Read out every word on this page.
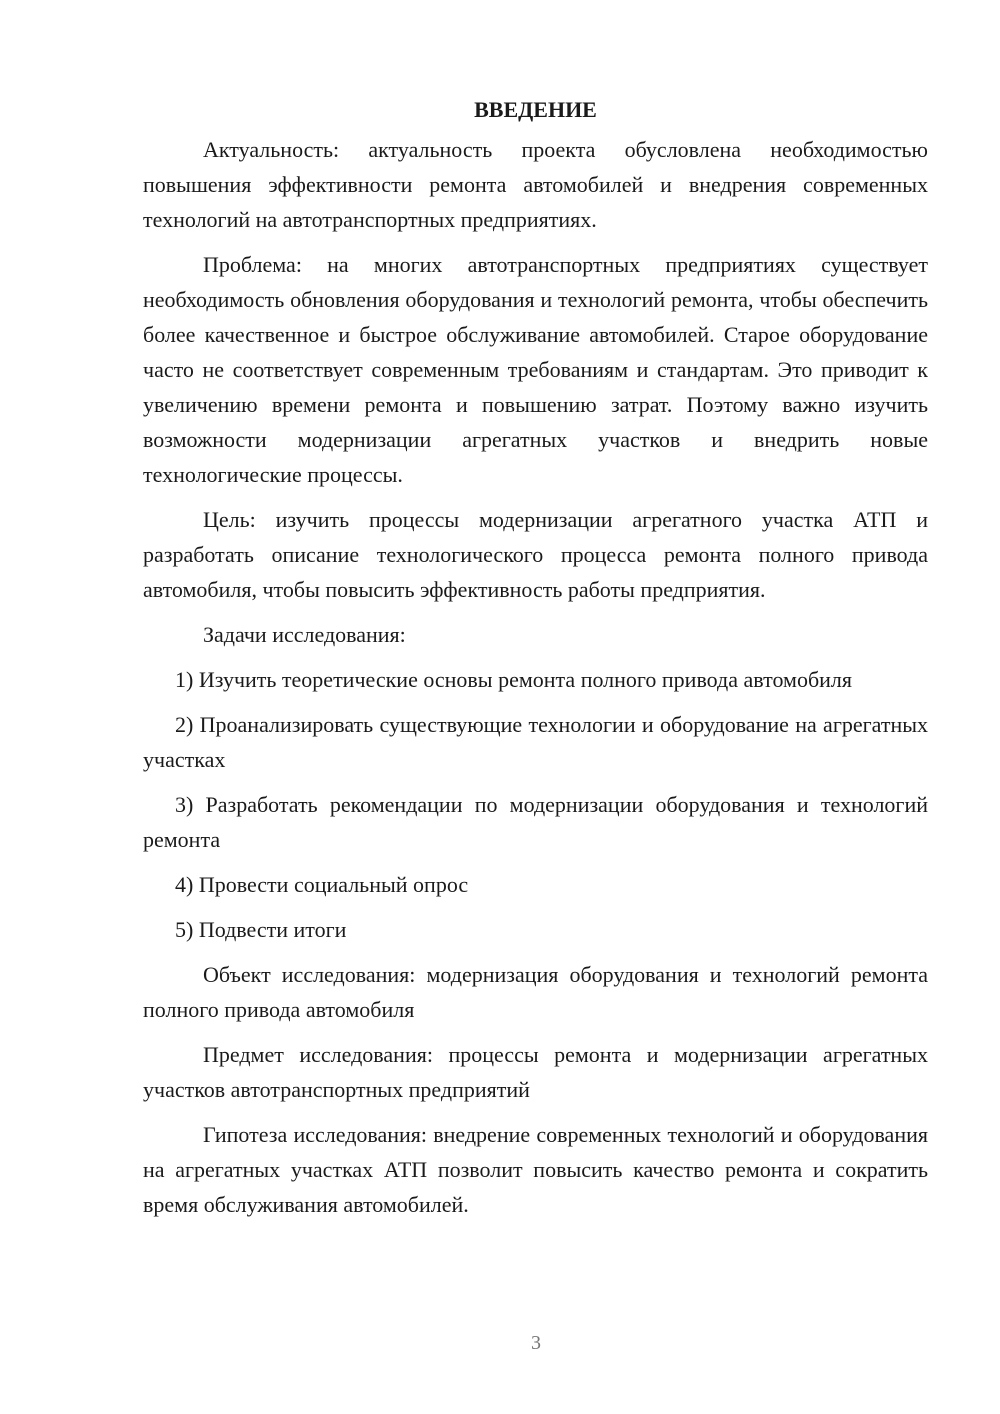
ВВЕДЕНИЕ

Актуальность: актуальность проекта обусловлена необходимостью повышения эффективности ремонта автомобилей и внедрения современных технологий на автотранспортных предприятиях.

Проблема: на многих автотранспортных предприятиях существует необходимость обновления оборудования и технологий ремонта, чтобы обеспечить более качественное и быстрое обслуживание автомобилей. Старое оборудование часто не соответствует современным требованиям и стандартам. Это приводит к увеличению времени ремонта и повышению затрат. Поэтому важно изучить возможности модернизации агрегатных участков и внедрить новые технологические процессы.

Цель: изучить процессы модернизации агрегатного участка АТП и разработать описание технологического процесса ремонта полного привода автомобиля, чтобы повысить эффективность работы предприятия.

Задачи исследования:

1) Изучить теоретические основы ремонта полного привода автомобиля

2) Проанализировать существующие технологии и оборудование на агрегатных участках

3) Разработать рекомендации по модернизации оборудования и технологий ремонта

4) Провести социальный опрос

5) Подвести итоги

Объект исследования: модернизация оборудования и технологий ремонта полного привода автомобиля

Предмет исследования: процессы ремонта и модернизации агрегатных участков автотранспортных предприятий

Гипотеза исследования: внедрение современных технологий и оборудования на агрегатных участках АТП позволит повысить качество ремонта и сократить время обслуживания автомобилей.

3
